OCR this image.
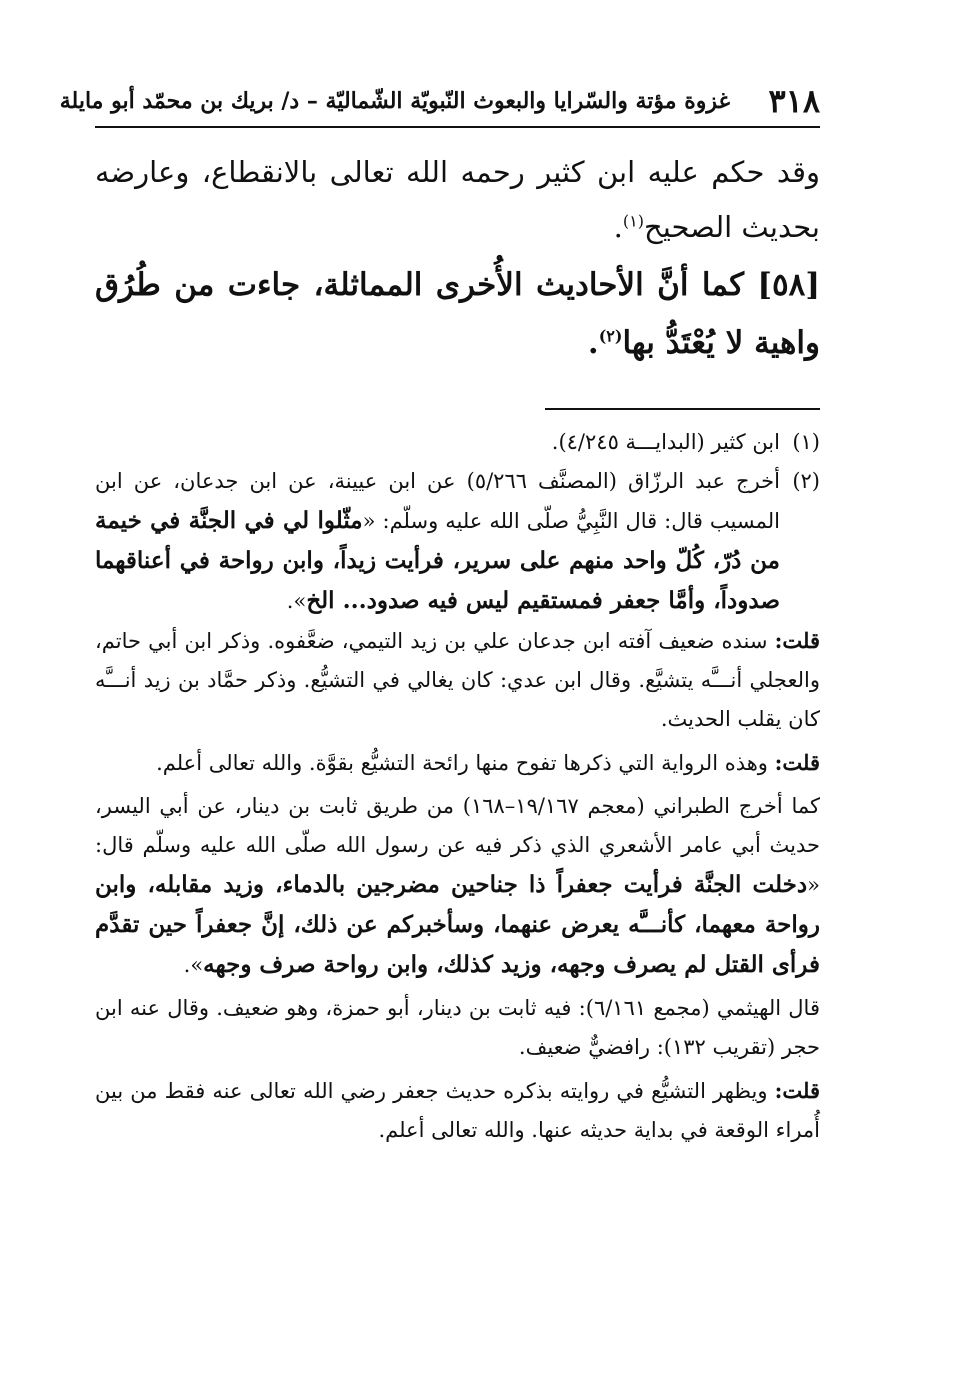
٣١٨
غزوة مؤتة والسّرايا والبعوث النّبويّة الشّماليّة – د/ بريك بن محمّد أبو مايلة

وقد حكم عليه ابن كثير رحمه الله تعالى بالانقطاع، وعارضه بحديث الصحيح$^{(١)}$.

[٥٨] كما أنَّ الأحاديث الأُخرى المماثلة، جاءت من طُرُق واهية لا يُعْتَدُّ بها$^{(٢)}$.
(١)
ابن كثير (البدايـــة ٤/٢٤٥).
(٢)
أخرج عبد الرزّاق (المصنَّف ٥/٢٦٦) عن ابن عيينة، عن ابن جدعان، عن ابن المسيب قال: قال النَّبِيُّ صلّى الله عليه وسلّم: «مثّلوا لي في الجنَّة في خيمة من دُرّ، كُلّ واحد منهم على سرير، فرأيت زيداً، وابن رواحة في أعناقهما صدوداً، وأمَّا جعفر فمستقيم ليس فيه صدود... الخ».

قلت: سنده ضعيف آفته ابن جدعان علي بن زيد التيمي، ضعَّفوه. وذكر ابن أبي حاتم، والعجلي أنـــَّه يتشيَّع. وقال ابن عدي: كان يغالي في التشيُّع. وذكر حمَّاد بن زيد أنـــَّه كان يقلب الحديث.

قلت: وهذه الرواية التي ذكرها تفوح منها رائحة التشيُّع بقوَّة. والله تعالى أعلم.

كما أخرج الطبراني (معجم ١٩/١٦٧–١٦٨) من طريق ثابت بن دينار، عن أبي اليسر، حديث أبي عامر الأشعري الذي ذكر فيه عن رسول الله صلّى الله عليه وسلّم قال: «دخلت الجنَّة فرأيت جعفراً ذا جناحين مضرجين بالدماء، وزيد مقابله، وابن رواحة معهما، كأنـــَّه يعرض عنهما، وسأخبركم عن ذلك، إنَّ جعفراً حين تقدَّم فرأى القتل لم يصرف وجهه، وزيد كذلك، وابن رواحة صرف وجهه».

قال الهيثمي (مجمع ٦/١٦١): فيه ثابت بن دينار، أبو حمزة، وهو ضعيف. وقال عنه ابن حجر (تقريب ١٣٢): رافضيٌّ ضعيف.

قلت: ويظهر التشيُّع في روايته بذكره حديث جعفر رضي الله تعالى عنه فقط من بين أُمراء الوقعة في بداية حديثه عنها. والله تعالى أعلم.
